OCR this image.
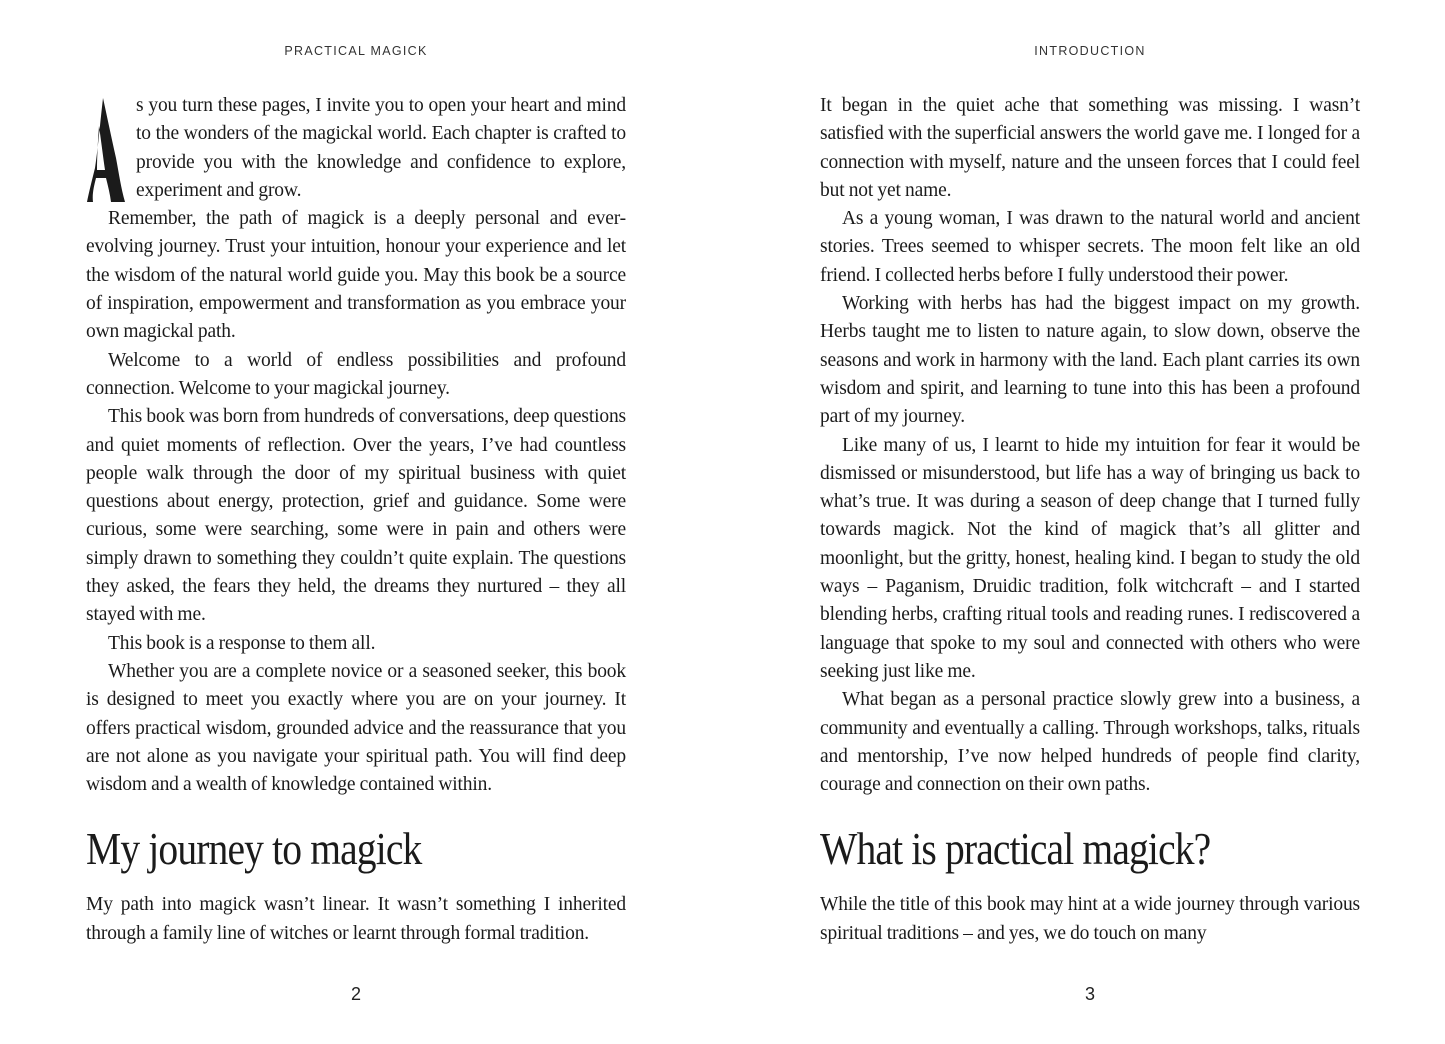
PRACTICAL MAGICK

s you turn these pages, I invite you to open your heart and mind to the wonders of the magickal world. Each chapter is crafted to provide you with the knowledge and confidence to explore, experiment and grow.

Remember, the path of magick is a deeply personal and ever-evolving journey. Trust your intuition, honour your experience and let the wisdom of the natural world guide you. May this book be a source of inspiration, empowerment and transformation as you embrace your own magickal path.

Welcome to a world of endless possibilities and profound connection. Welcome to your magickal journey.

This book was born from hundreds of conversations, deep questions and quiet moments of reflection. Over the years, I’ve had countless people walk through the door of my spiritual business with quiet questions about energy, protection, grief and guidance. Some were curious, some were searching, some were in pain and others were simply drawn to something they couldn’t quite explain. The questions they asked, the fears they held, the dreams they nurtured – they all stayed with me.

This book is a response to them all.

Whether you are a complete novice or a seasoned seeker, this book is designed to meet you exactly where you are on your journey. It offers practical wisdom, grounded advice and the reassurance that you are not alone as you navigate your spiritual path. You will find deep wisdom and a wealth of knowledge contained within.

My journey to magick

My path into magick wasn’t linear. It wasn’t something I inherited through a family line of witches or learnt through formal tradition.

2
INTRODUCTION

It began in the quiet ache that something was missing. I wasn’t satisfied with the superficial answers the world gave me. I longed for a connection with myself, nature and the unseen forces that I could feel but not yet name.

As a young woman, I was drawn to the natural world and ancient stories. Trees seemed to whisper secrets. The moon felt like an old friend. I collected herbs before I fully understood their power.

Working with herbs has had the biggest impact on my growth. Herbs taught me to listen to nature again, to slow down, observe the seasons and work in harmony with the land. Each plant carries its own wisdom and spirit, and learning to tune into this has been a profound part of my journey.

Like many of us, I learnt to hide my intuition for fear it would be dismissed or misunderstood, but life has a way of bringing us back to what’s true. It was during a season of deep change that I turned fully towards magick. Not the kind of magick that’s all glitter and moonlight, but the gritty, honest, healing kind. I began to study the old ways – Paganism, Druidic tradition, folk witchcraft – and I started blending herbs, crafting ritual tools and reading runes. I rediscovered a language that spoke to my soul and connected with others who were seeking just like me.

What began as a personal practice slowly grew into a business, a community and eventually a calling. Through workshops, talks, rituals and mentorship, I’ve now helped hundreds of people find clarity, courage and connection on their own paths.

What is practical magick?

While the title of this book may hint at a wide journey through various spiritual traditions – and yes, we do touch on many

3
